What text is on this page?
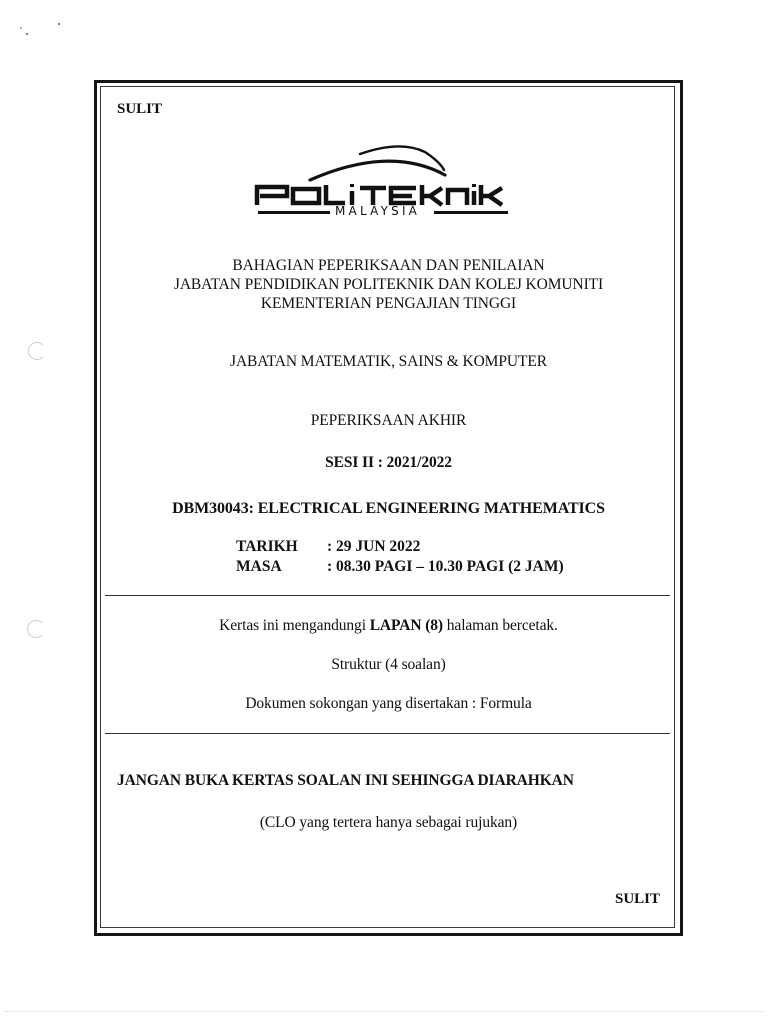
SULIT
MALAYSIA
BAHAGIAN PEPERIKSAAN DAN PENILAIAN
JABATAN PENDIDIKAN POLITEKNIK DAN KOLEJ KOMUNITI
KEMENTERIAN PENGAJIAN TINGGI
JABATAN MATEMATIK, SAINS & KOMPUTER
PEPERIKSAAN AKHIR
SESI II : 2021/2022
DBM30043: ELECTRICAL ENGINEERING MATHEMATICS
TARIKH : 29 JUN 2022
MASA	: 08.30 PAGI – 10.30 PAGI (2 JAM)
Kertas ini mengandungi LAPAN (8) halaman bercetak.
Struktur (4 soalan)
Dokumen sokongan yang disertakan : Formula
JANGAN BUKA KERTAS SOALAN INI SEHINGGA DIARAHKAN
(CLO yang tertera hanya sebagai rujukan)
SULIT
